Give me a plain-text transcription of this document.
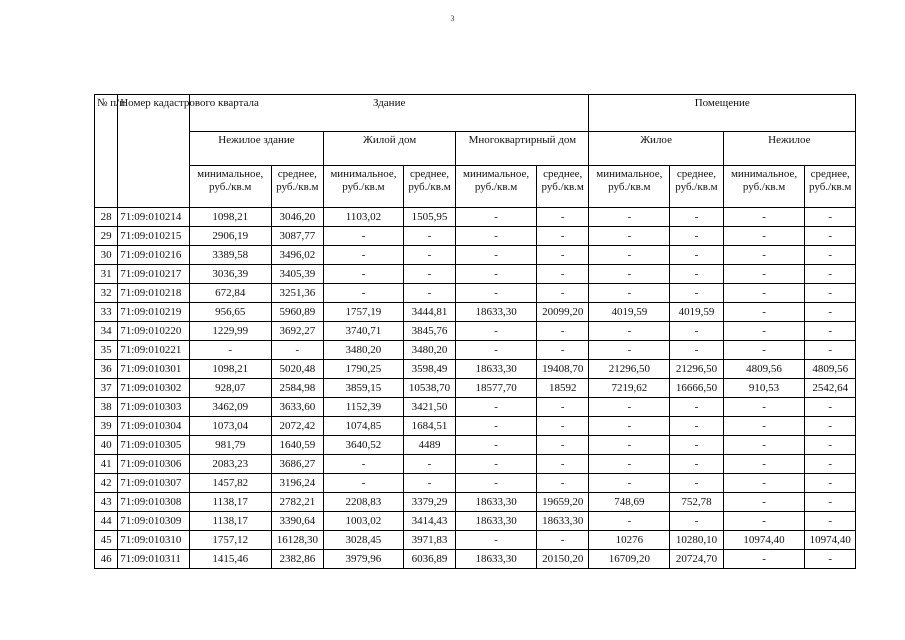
3
№ п/п	Номер кадастрового квартала	Здание						Помещение			
		Нежилое здание		Жилой дом		Многоквартирный дом		Жилое		Нежилое	
		минимальное, руб./кв.м	среднее, руб./кв.м	минимальное, руб./кв.м	среднее, руб./кв.м	минимальное, руб./кв.м	среднее, руб./кв.м	минимальное, руб./кв.м	среднее, руб./кв.м	минимальное, руб./кв.м	среднее, руб./кв.м
28	71:09:010214	1098,21	3046,20	1103,02	1505,95	-	-	-	-	-	-
29	71:09:010215	2906,19	3087,77	-	-	-	-	-	-	-	-
30	71:09:010216	3389,58	3496,02	-	-	-	-	-	-	-	-
31	71:09:010217	3036,39	3405,39	-	-	-	-	-	-	-	-
32	71:09:010218	672,84	3251,36	-	-	-	-	-	-	-	-
33	71:09:010219	956,65	5960,89	1757,19	3444,81	18633,30	20099,20	4019,59	4019,59	-	-
34	71:09:010220	1229,99	3692,27	3740,71	3845,76	-	-	-	-	-	-
35	71:09:010221	-	-	3480,20	3480,20	-	-	-	-	-	-
36	71:09:010301	1098,21	5020,48	1790,25	3598,49	18633,30	19408,70	21296,50	21296,50	4809,56	4809,56
37	71:09:010302	928,07	2584,98	3859,15	10538,70	18577,70	18592	7219,62	16666,50	910,53	2542,64
38	71:09:010303	3462,09	3633,60	1152,39	3421,50	-	-	-	-	-	-
39	71:09:010304	1073,04	2072,42	1074,85	1684,51	-	-	-	-	-	-
40	71:09:010305	981,79	1640,59	3640,52	4489	-	-	-	-	-	-
41	71:09:010306	2083,23	3686,27	-	-	-	-	-	-	-	-
42	71:09:010307	1457,82	3196,24	-	-	-	-	-	-	-	-
43	71:09:010308	1138,17	2782,21	2208,83	3379,29	18633,30	19659,20	748,69	752,78	-	-
44	71:09:010309	1138,17	3390,64	1003,02	3414,43	18633,30	18633,30	-	-	-	-
45	71:09:010310	1757,12	16128,30	3028,45	3971,83	-	-	10276	10280,10	10974,40	10974,40
46	71:09:010311	1415,46	2382,86	3979,96	6036,89	18633,30	20150,20	16709,20	20724,70	-	-
